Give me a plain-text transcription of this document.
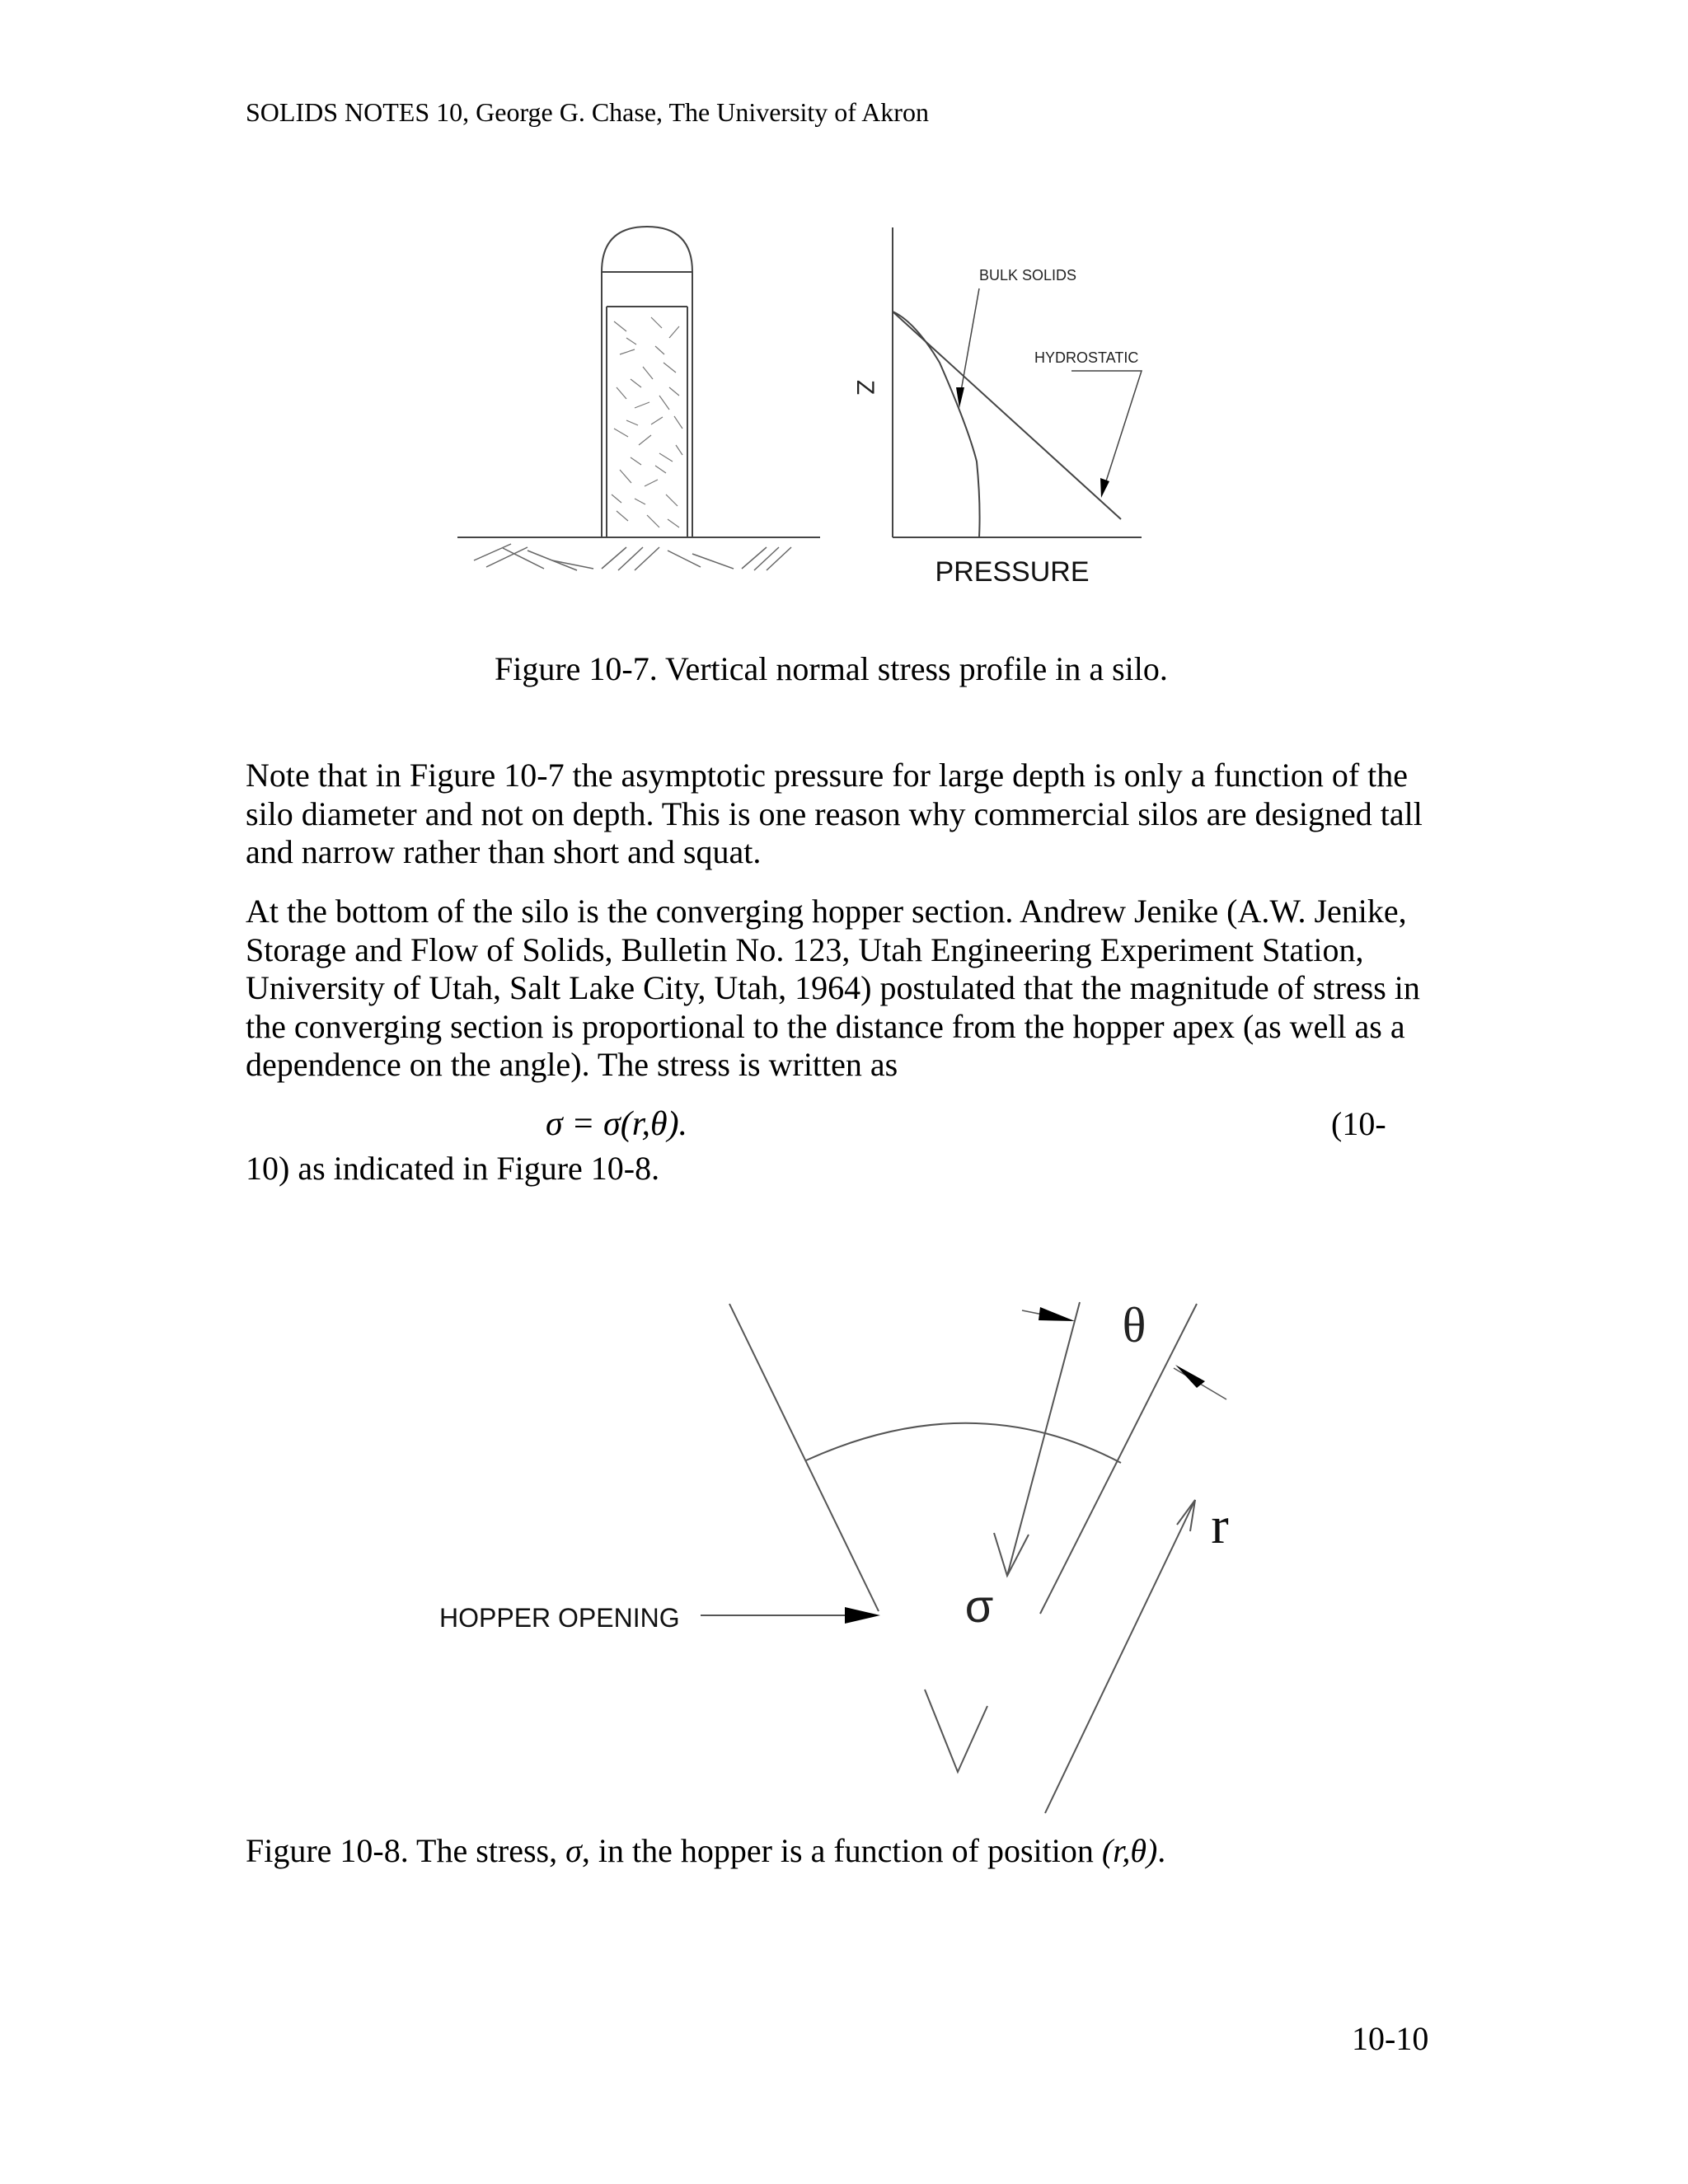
SOLIDS NOTES 10, George G. Chase, The University of Akron
Z
BULK SOLIDS
HYDROSTATIC
PRESSURE
Figure 10-7. Vertical normal stress profile in a silo.

Note that in Figure 10-7 the asymptotic pressure for large depth is only a function of the silo diameter and not on depth. This is one reason why commercial silos are designed tall and narrow rather than short and squat.

At the bottom of the silo is the converging hopper section. Andrew Jenike (A.W. Jenike, Storage and Flow of Solids, Bulletin No. 123, Utah Engineering Experiment Station, University of Utah, Salt Lake City, Utah, 1964) postulated that the magnitude of stress in the converging section is proportional to the distance from the hopper apex (as well as a dependence on the angle). The stress is written as

σ = σ(r,θ).	(10-
10) as indicated in Figure 10-8.
θ
r
σ
HOPPER OPENING
Figure 10-8. The stress, σ, in the hopper is a function of position (r,θ).
10-10
